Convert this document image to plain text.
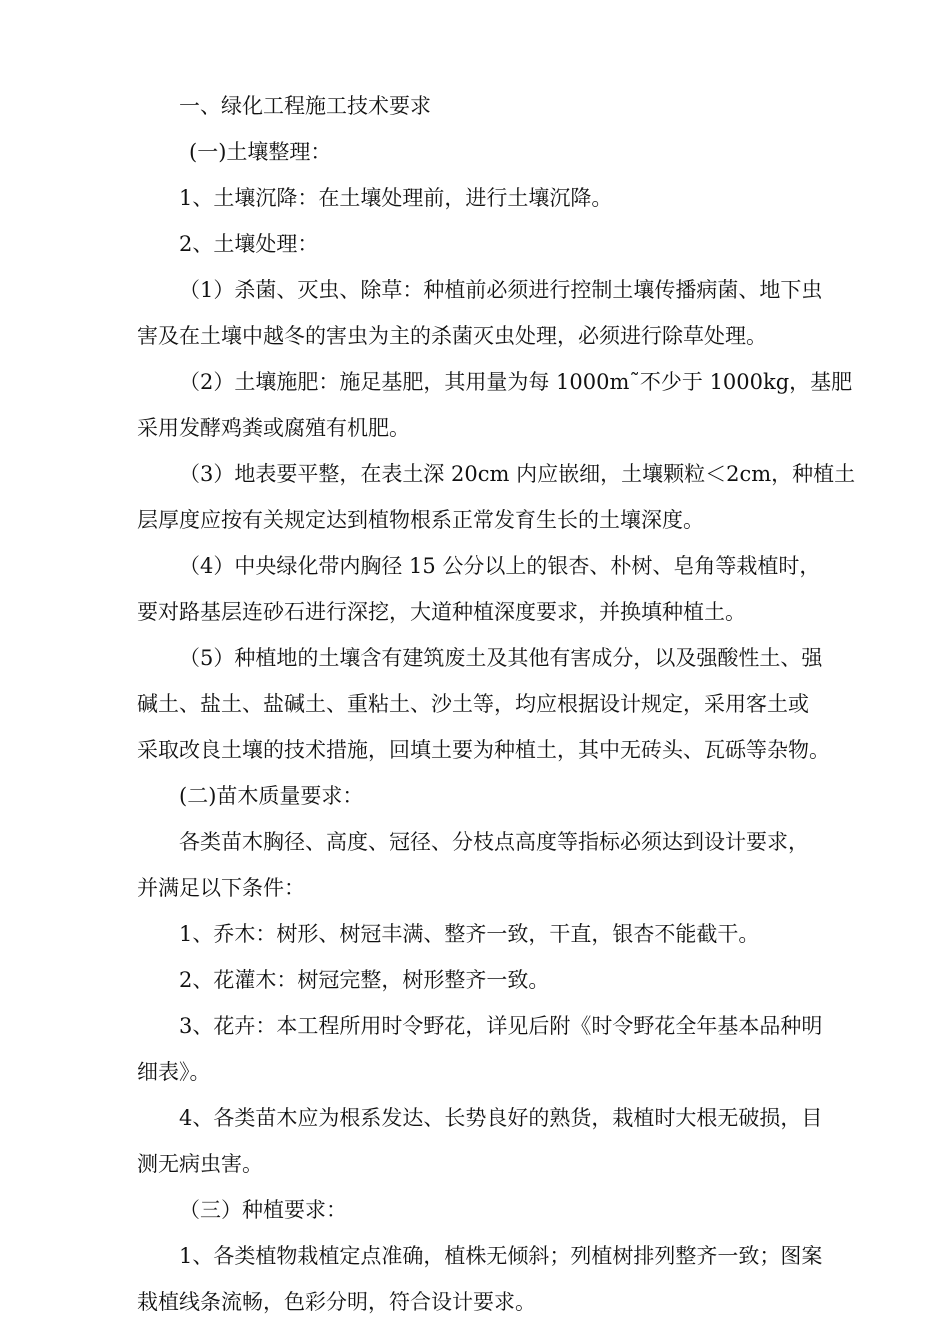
一、绿化工程施工技术要求
(一)土壤整理：
1、土壤沉降：在土壤处理前，进行土壤沉降。
2、土壤处理：
（1）杀菌、灭虫、除草：种植前必须进行控制土壤传播病菌、地下虫
害及在土壤中越冬的害虫为主的杀菌灭虫处理，必须进行除草处理。
（2）土壤施肥：施足基肥，其用量为每 1000m˜不少于 1000kg，基肥
采用发酵鸡粪或腐殖有机肥。
（3）地表要平整，在表土深 20cm 内应嵌细，土壤颗粒＜2cm，种植土
层厚度应按有关规定达到植物根系正常发育生长的土壤深度。
（4）中央绿化带内胸径 15 公分以上的银杏、朴树、皂角等栽植时，
要对路基层连砂石进行深挖，大道种植深度要求，并换填种植土。
（5）种植地的土壤含有建筑废土及其他有害成分，以及强酸性土、强
碱土、盐土、盐碱土、重粘土、沙土等，均应根据设计规定，采用客土或
采取改良土壤的技术措施，回填土要为种植土，其中无砖头、瓦砾等杂物。
(二)苗木质量要求：
各类苗木胸径、高度、冠径、分枝点高度等指标必须达到设计要求，
并满足以下条件：
1、乔木：树形、树冠丰满、整齐一致，干直，银杏不能截干。
2、花灌木：树冠完整，树形整齐一致。
3、花卉：本工程所用时令野花，详见后附《时令野花全年基本品种明
细表》。
4、各类苗木应为根系发达、长势良好的熟货，栽植时大根无破损，目
测无病虫害。
（三）种植要求：
1、各类植物栽植定点准确，植株无倾斜；列植树排列整齐一致；图案
栽植线条流畅，色彩分明，符合设计要求。
